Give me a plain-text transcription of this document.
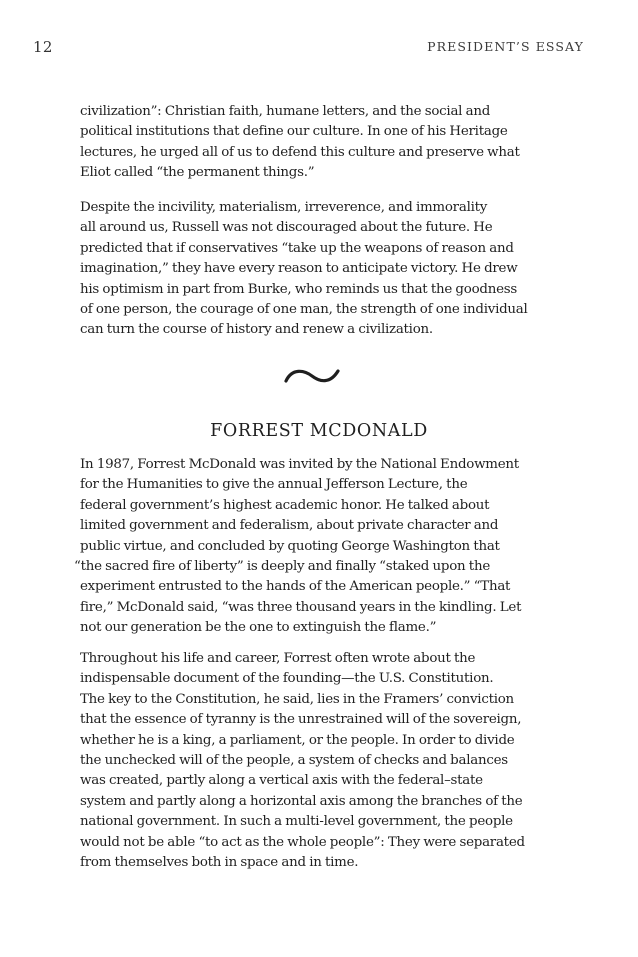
12	PRESIDENT’S ESSAY
civilization”: Christian faith, humane letters, and the social and
political institutions that define our culture. In one of his Heritage
lectures, he urged all of us to defend this culture and preserve what
Eliot called “the permanent things.”
Despite the incivility, materialism, irreverence, and immorality
all around us, Russell was not discouraged about the future. He
predicted that if conservatives “take up the weapons of reason and
imagination,” they have every reason to anticipate victory. He drew
his optimism in part from Burke, who reminds us that the goodness
of one person, the courage of one man, the strength of one individual
can turn the course of history and renew a civilization.
FORREST MCDONALD
In 1987, Forrest McDonald was invited by the National Endowment
for the Humanities to give the annual Jefferson Lecture, the
federal government’s highest academic honor. He talked about
limited government and federalism, about private character and
public virtue, and concluded by quoting George Washington that
“the sacred fire of liberty” is deeply and finally “staked upon the
experiment entrusted to the hands of the American people.” “That
fire,” McDonald said, “was three thousand years in the kindling. Let
not our generation be the one to extinguish the flame.”
Throughout his life and career, Forrest often wrote about the
indispensable document of the founding—the U.S. Constitution.
The key to the Constitution, he said, lies in the Framers’ conviction
that the essence of tyranny is the unrestrained will of the sovereign,
whether he is a king, a parliament, or the people. In order to divide
the unchecked will of the people, a system of checks and balances
was created, partly along a vertical axis with the federal–state
system and partly along a horizontal axis among the branches of the
national government. In such a multi-level government, the people
would not be able “to act as the whole people”: They were separated
from themselves both in space and in time.
